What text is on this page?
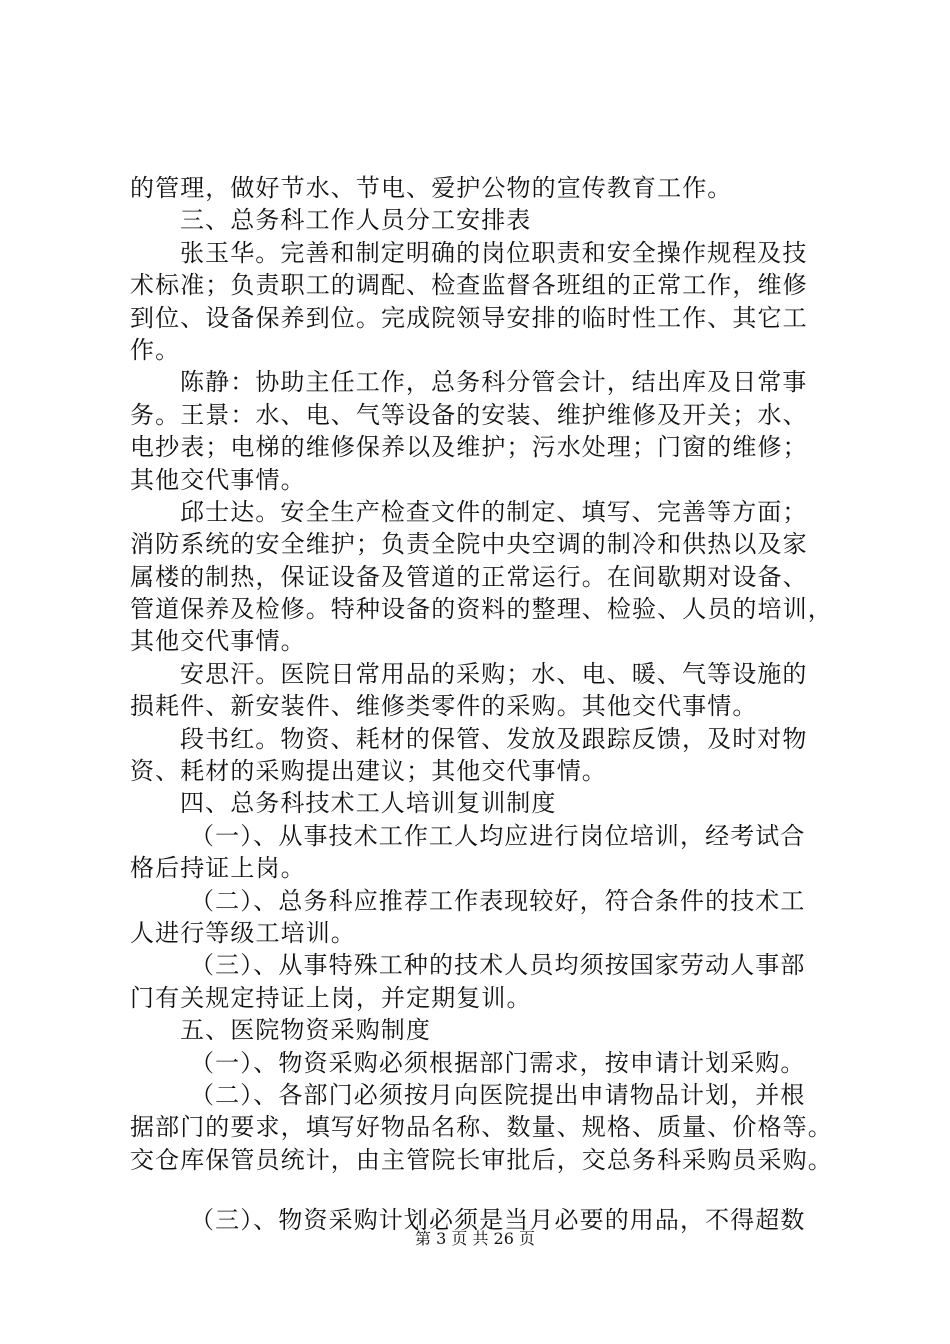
的管理，做好节水、节电、爱护公物的宣传教育工作。
三、总务科工作人员分工安排表
张玉华。完善和制定明确的岗位职责和安全操作规程及技
术标准；负责职工的调配、检查监督各班组的正常工作，维修
到位、设备保养到位。完成院领导安排的临时性工作、其它工
作。
陈静：协助主任工作，总务科分管会计，结出库及日常事
务。王景：水、电、气等设备的安装、维护维修及开关；水、
电抄表；电梯的维修保养以及维护；污水处理；门窗的维修；
其他交代事情。
邱士达。安全生产检查文件的制定、填写、完善等方面；
消防系统的安全维护；负责全院中央空调的制冷和供热以及家
属楼的制热，保证设备及管道的正常运行。在间歇期对设备、
管道保养及检修。特种设备的资料的整理、检验、人员的培训，
其他交代事情。
安思汗。医院日常用品的采购；水、电、暖、气等设施的
损耗件、新安装件、维修类零件的采购。其他交代事情。
段书红。物资、耗材的保管、发放及跟踪反馈，及时对物
资、耗材的采购提出建议；其他交代事情。
四、总务科技术工人培训复训制度
（一）、从事技术工作工人均应进行岗位培训，经考试合
格后持证上岗。
（二）、总务科应推荐工作表现较好，符合条件的技术工
人进行等级工培训。
（三）、从事特殊工种的技术人员均须按国家劳动人事部
门有关规定持证上岗，并定期复训。
五、医院物资采购制度
（一）、物资采购必须根据部门需求，按申请计划采购。
（二）、各部门必须按月向医院提出申请物品计划，并根
据部门的要求，填写好物品名称、数量、规格、质量、价格等。
交仓库保管员统计，由主管院长审批后，交总务科采购员采购。
（三）、物资采购计划必须是当月必要的用品，不得超数
第 3 页 共 26 页
